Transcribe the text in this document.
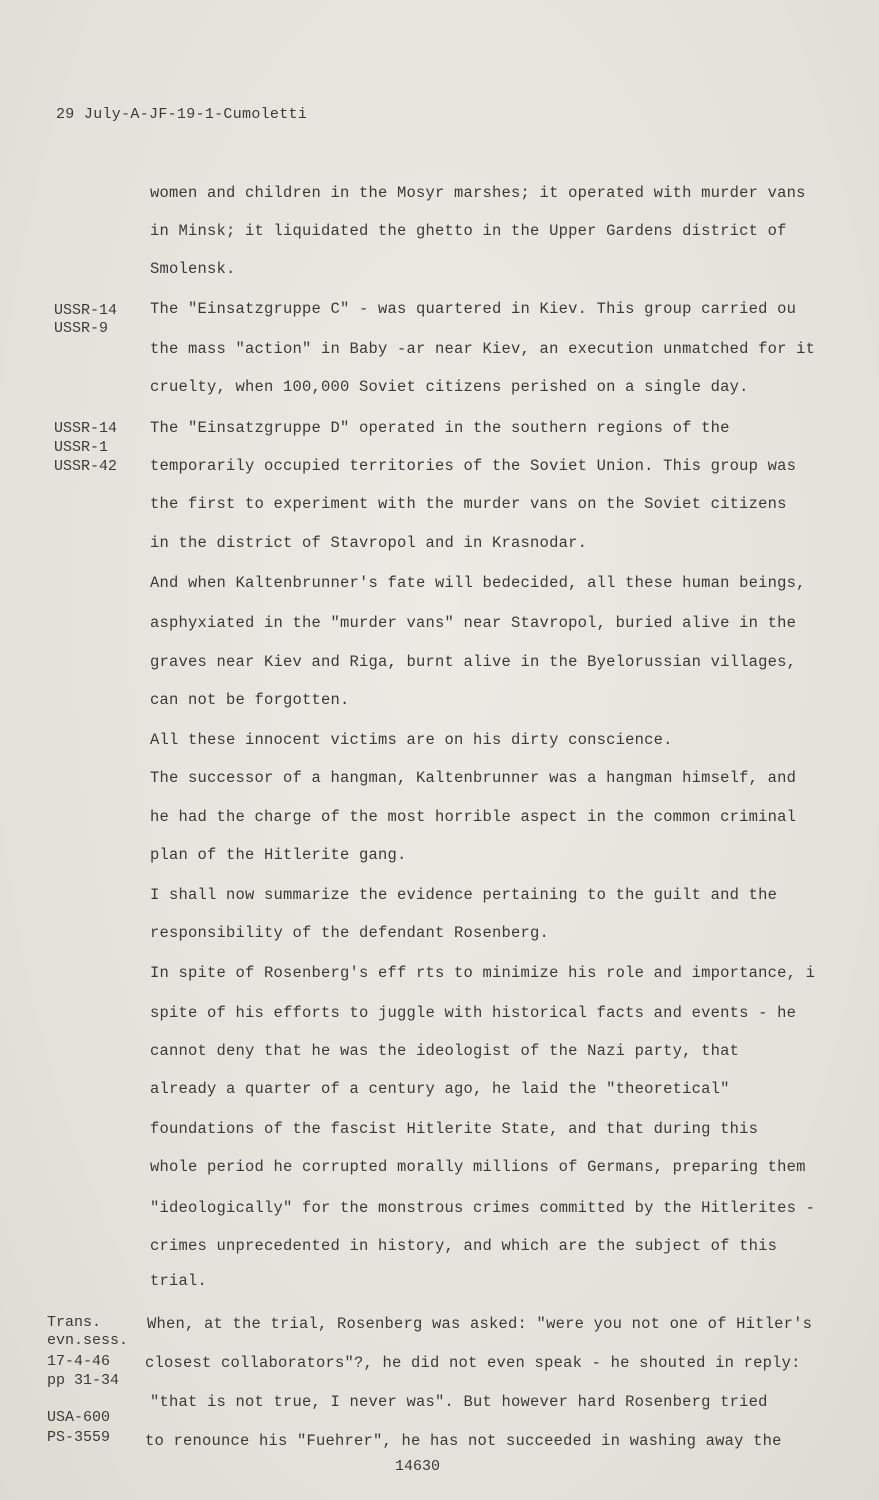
29 July-A-JF-19-1-Cumoletti
women and children in the Mosyr marshes; it operated with murder vans
in Minsk; it liquidated the ghetto in the Upper Gardens district of
Smolensk.
The "Einsatzgruppe C" - was quartered in Kiev. This group carried ou
the mass "action" in Baby -ar near Kiev, an execution unmatched for it
cruelty, when 100,000 Soviet citizens perished on a single day.
The "Einsatzgruppe D" operated in the southern regions of the
temporarily occupied territories of the Soviet Union. This group was
the first to experiment with the murder vans on the Soviet citizens
in the district of Stavropol and in Krasnodar.
And when Kaltenbrunner's fate will bedecided, all these human beings,
asphyxiated in the "murder vans" near Stavropol, buried alive in the
graves near Kiev and Riga, burnt alive in the Byelorussian villages,
can not be forgotten.
All these innocent victims are on his dirty conscience.
The successor of a hangman, Kaltenbrunner was a hangman himself, and
he had the charge of the most horrible aspect in the common criminal
plan of the Hitlerite gang.
I shall now summarize the evidence pertaining to the guilt and the
responsibility of the defendant Rosenberg.
In spite of Rosenberg's eff rts to minimize his role and importance, i
spite of his efforts to juggle with historical facts and events - he
cannot deny that he was the ideologist of the Nazi party, that
already a quarter of a century ago, he laid the "theoretical"
foundations of the fascist Hitlerite State, and that during this
whole period he corrupted morally millions of Germans, preparing them
"ideologically" for the monstrous crimes committed by the Hitlerites -
crimes unprecedented in history, and which are the subject of this
trial.
When, at the trial, Rosenberg was asked: "were you not one of Hitler's
closest collaborators"?, he did not even speak - he shouted in reply:
"that is not true, I never was". But however hard Rosenberg tried
to renounce his "Fuehrer", he has not succeeded in washing away the
USSR-14
USSR-9
USSR-14
USSR-1
USSR-42
Trans.
evn.sess.
17-4-46
pp 31-34
USA-600
PS-3559
14630
